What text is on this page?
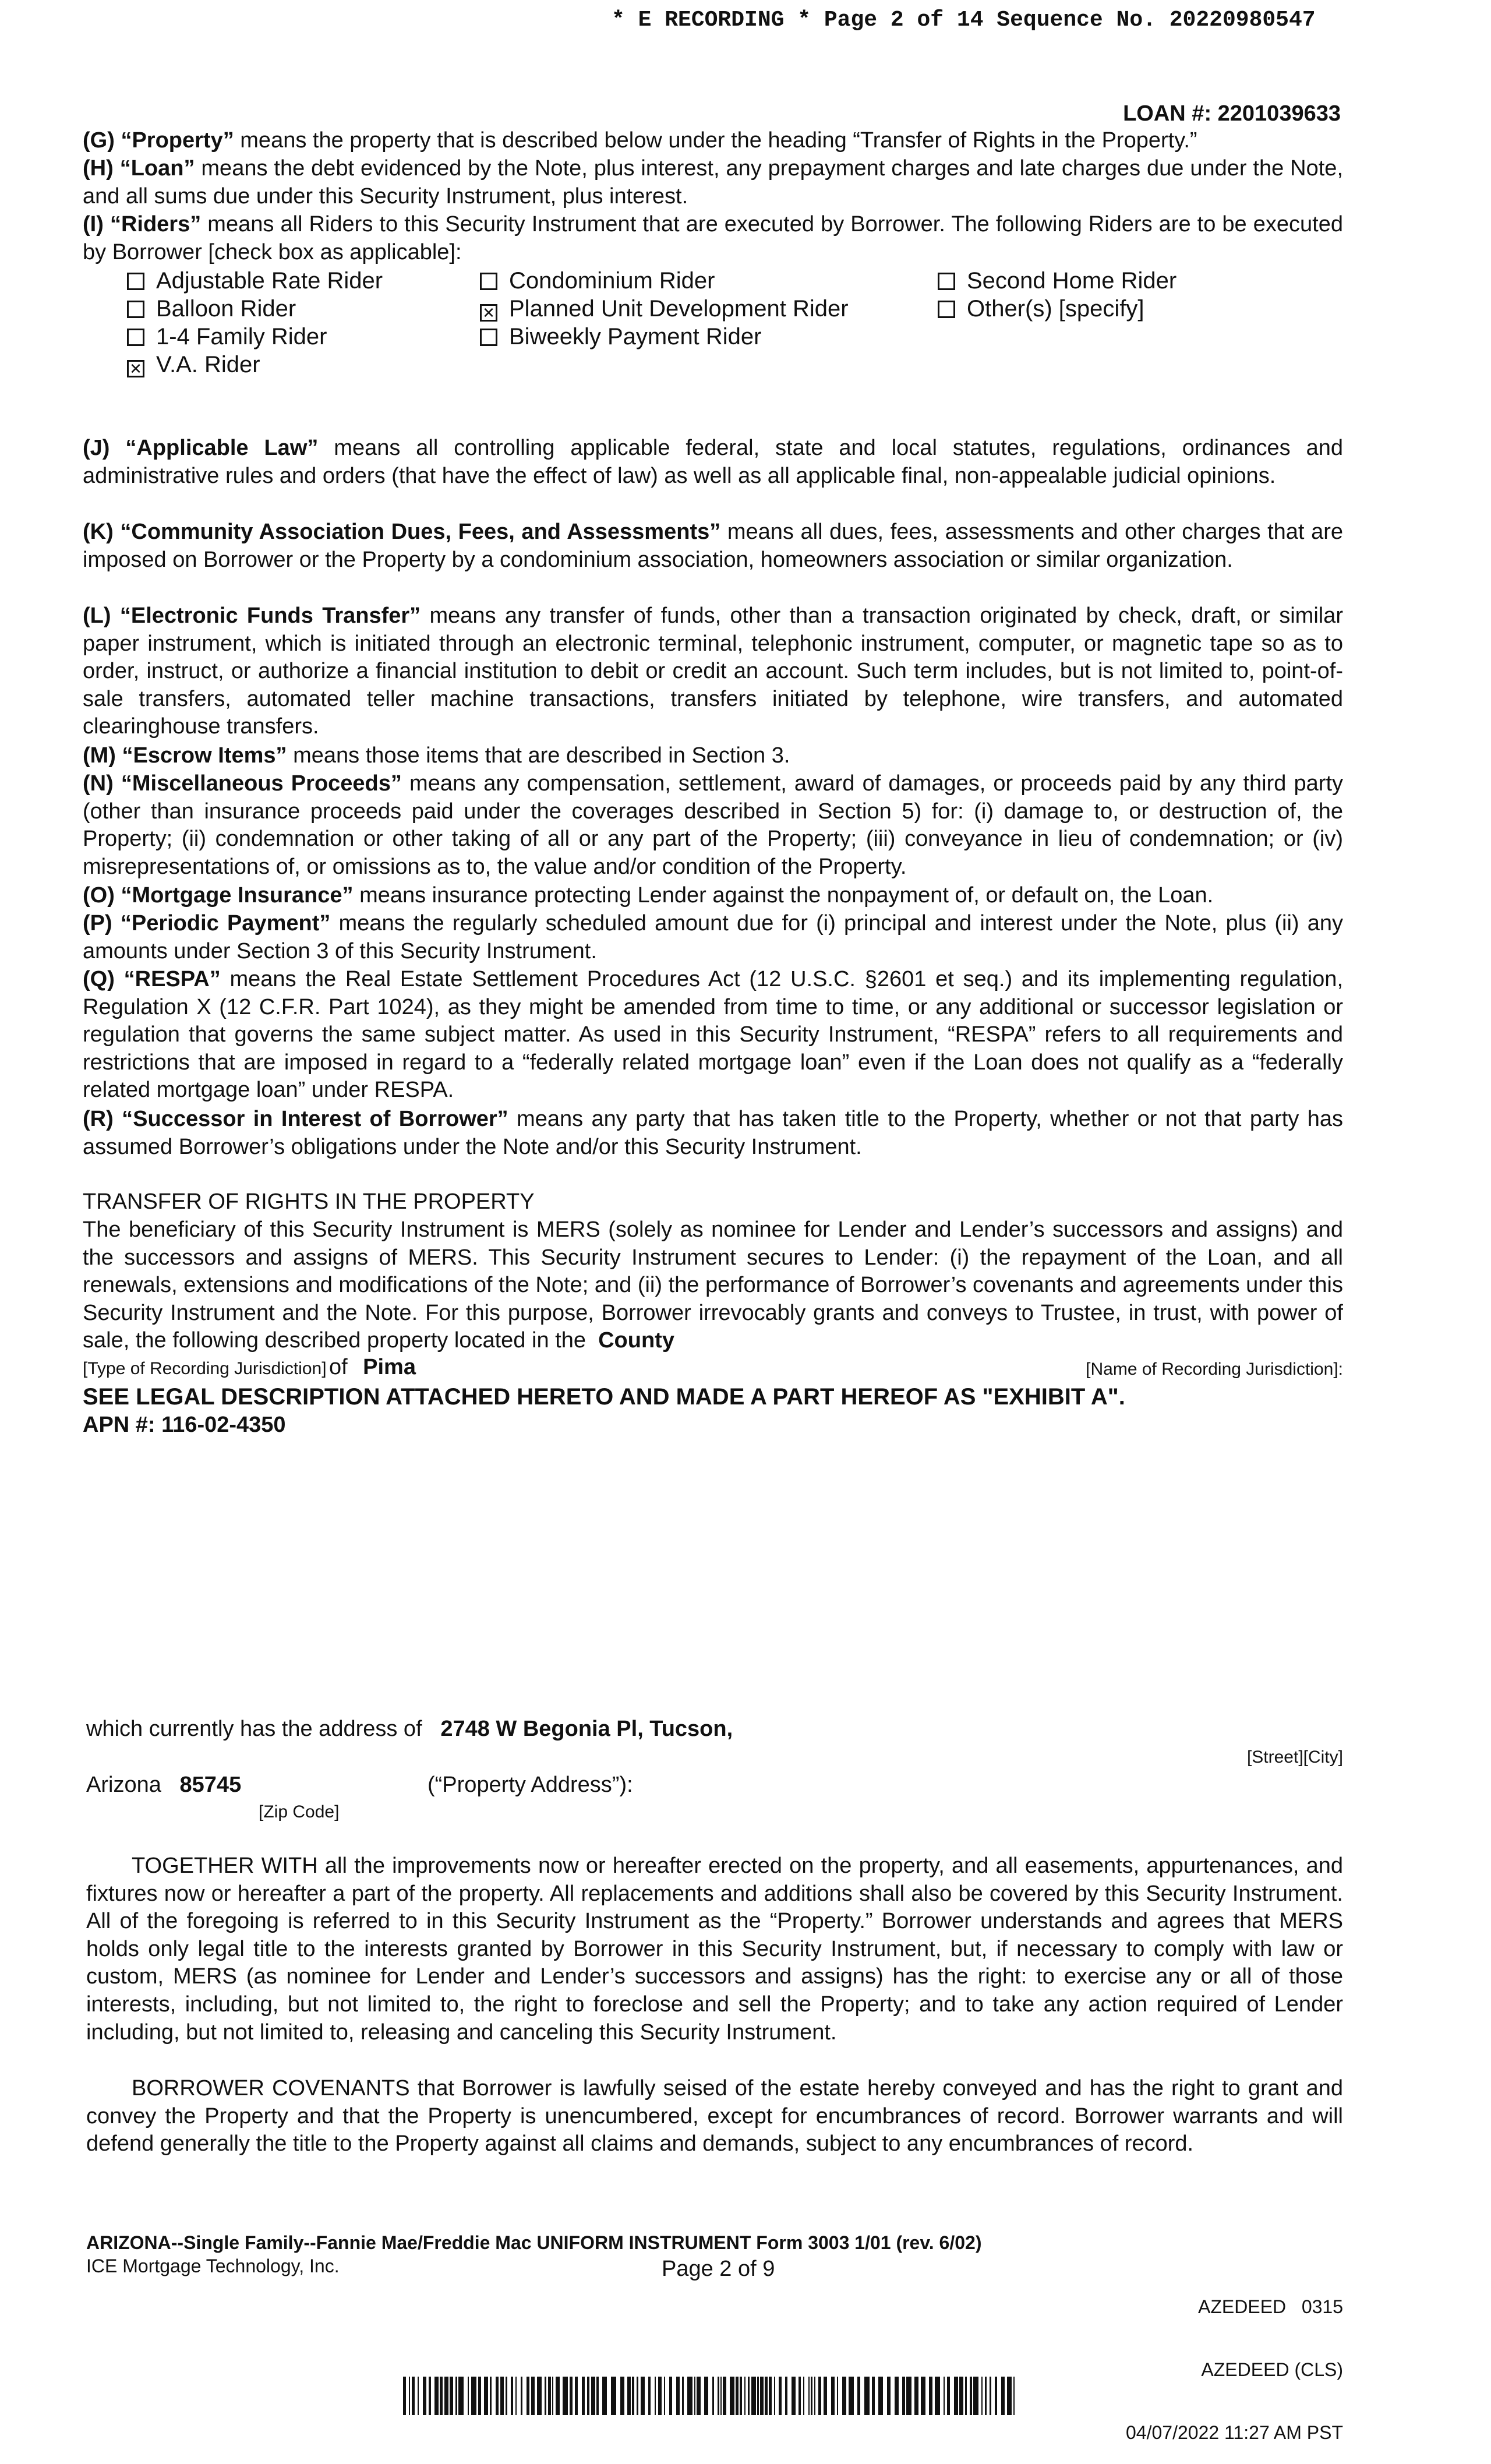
* E RECORDING * Page 2 of 14 Sequence No. 20220980547
LOAN #: 2201039633
(G) “Property” means the property that is described below under the heading “Transfer of Rights in the Property.”
(H) “Loan” means the debt evidenced by the Note, plus interest, any prepayment charges and late charges due under the Note, and all sums due under this Security Instrument, plus interest.
(I) “Riders” means all Riders to this Security Instrument that are executed by Borrower. The following Riders are to be executed by Borrower [check box as applicable]:
Adjustable Rate Rider	Condominium Rider	Second Home Rider
Balloon Rider	✕ Planned Unit Development Rider	Other(s) [specify]
1-4 Family Rider	Biweekly Payment Rider
✕ V.A. Rider
(J) “Applicable Law” means all controlling applicable federal, state and local statutes, regulations, ordinances and administrative rules and orders (that have the effect of law) as well as all applicable final, non-appealable judicial opinions.
(K) “Community Association Dues, Fees, and Assessments” means all dues, fees, assessments and other charges that are imposed on Borrower or the Property by a condominium association, homeowners association or similar organization.
(L) “Electronic Funds Transfer” means any transfer of funds, other than a transaction originated by check, draft, or similar paper instrument, which is initiated through an electronic terminal, telephonic instrument, computer, or magnetic tape so as to order, instruct, or authorize a financial institution to debit or credit an account. Such term includes, but is not limited to, point-of-sale transfers, automated teller machine transactions, transfers initiated by telephone, wire transfers, and automated clearinghouse transfers.
(M) “Escrow Items” means those items that are described in Section 3.
(N) “Miscellaneous Proceeds” means any compensation, settlement, award of damages, or proceeds paid by any third party (other than insurance proceeds paid under the coverages described in Section 5) for: (i) damage to, or destruction of, the Property; (ii) condemnation or other taking of all or any part of the Property; (iii) conveyance in lieu of condemnation; or (iv) misrepresentations of, or omissions as to, the value and/or condition of the Property.
(O) “Mortgage Insurance” means insurance protecting Lender against the nonpayment of, or default on, the Loan.
(P) “Periodic Payment” means the regularly scheduled amount due for (i) principal and interest under the Note, plus (ii) any amounts under Section 3 of this Security Instrument.
(Q) “RESPA” means the Real Estate Settlement Procedures Act (12 U.S.C. §2601 et seq.) and its implementing regulation, Regulation X (12 C.F.R. Part 1024), as they might be amended from time to time, or any additional or successor legislation or regulation that governs the same subject matter. As used in this Security Instrument, “RESPA” refers to all requirements and restrictions that are imposed in regard to a “federally related mortgage loan” even if the Loan does not qualify as a “federally related mortgage loan” under RESPA.
(R) “Successor in Interest of Borrower” means any party that has taken title to the Property, whether or not that party has assumed Borrower’s obligations under the Note and/or this Security Instrument.
TRANSFER OF RIGHTS IN THE PROPERTY
The beneficiary of this Security Instrument is MERS (solely as nominee for Lender and Lender’s successors and assigns) and the successors and assigns of MERS. This Security Instrument secures to Lender: (i) the repayment of the Loan, and all renewals, extensions and modifications of the Note; and (ii) the performance of Borrower’s covenants and agreements under this Security Instrument and the Note. For this purpose, Borrower irrevocably grants and conveys to Trustee, in trust, with power of sale, the following described property located in the County
[Type of Recording Jurisdiction] of Pima	[Name of Recording Jurisdiction]:
SEE LEGAL DESCRIPTION ATTACHED HERETO AND MADE A PART HEREOF AS "EXHIBIT A".
APN #: 116-02-4350
which currently has the address of 2748 W Begonia Pl, Tucson,
[Street][City]
Arizona 85745	(“Property Address”):
[Zip Code]
TOGETHER WITH all the improvements now or hereafter erected on the property, and all easements, appurtenances, and fixtures now or hereafter a part of the property. All replacements and additions shall also be covered by this Security Instrument. All of the foregoing is referred to in this Security Instrument as the “Property.” Borrower understands and agrees that MERS holds only legal title to the interests granted by Borrower in this Security Instrument, but, if necessary to comply with law or custom, MERS (as nominee for Lender and Lender’s successors and assigns) has the right: to exercise any or all of those interests, including, but not limited to, the right to foreclose and sell the Property; and to take any action required of Lender including, but not limited to, releasing and canceling this Security Instrument.
BORROWER COVENANTS that Borrower is lawfully seised of the estate hereby conveyed and has the right to grant and convey the Property and that the Property is unencumbered, except for encumbrances of record. Borrower warrants and will defend generally the title to the Property against all claims and demands, subject to any encumbrances of record.
ARIZONA--Single Family--Fannie Mae/Freddie Mac UNIFORM INSTRUMENT Form 3003 1/01 (rev. 6/02)
ICE Mortgage Technology, Inc.	Page 2 of 9

AZEDEED   0315

AZEDEED (CLS)

04/07/2022 11:27 AM PST
